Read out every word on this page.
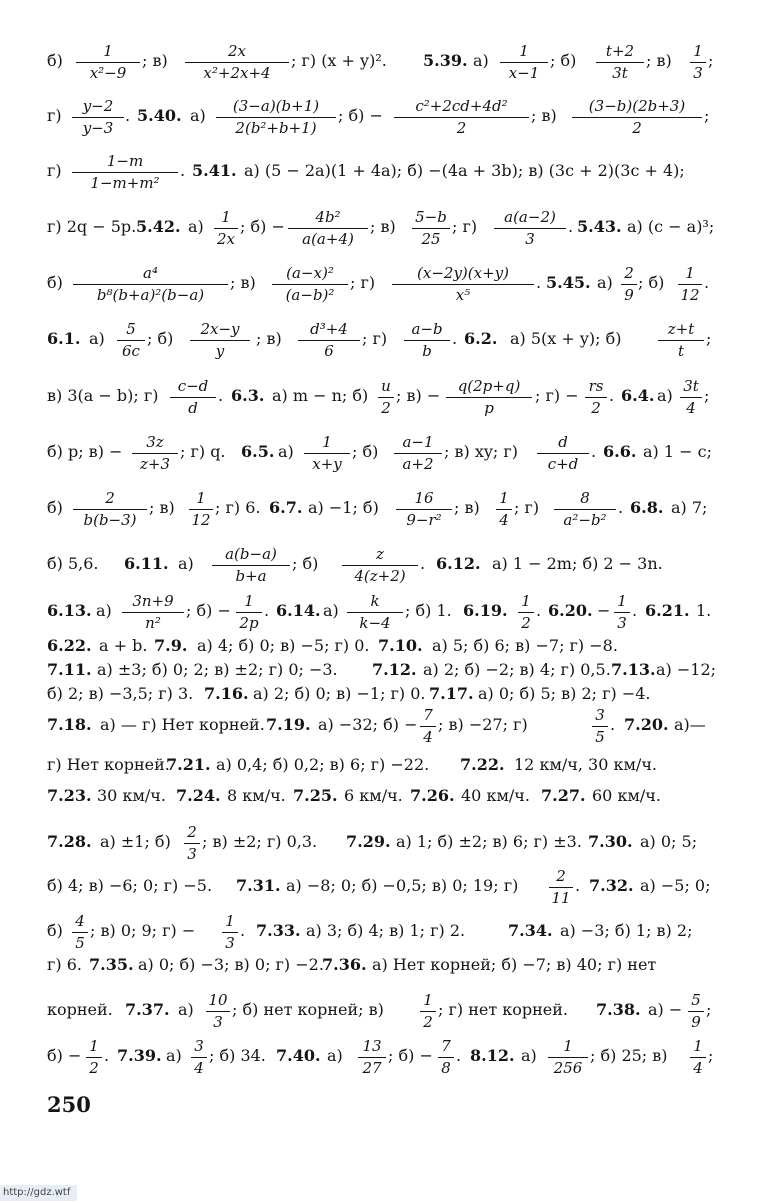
б)	1
x²−9
; в)	2x
x²+2x+4
; г) (x + y)². 5.39. а)	1
x−1
; б)	t+2
3t
; в) 1
3
;
г)	y−2
y−3
. 5.40. а)	(3−a)(b+1)
2(b²+b+1)
; б) −	c²+2cd+4d²
2
; в)	(3−b)(2b+3)
2
;
г)	1−m
1−m+m²
. 5.41. а) (5 − 2a)(1 + 4a); б) −(4a + 3b); в) (3c + 2)(3c + 4);
г) 2q − 5p. 5.42. а)	1
2x
; б) −	4b²
a(a+4)
; в) 5−b
25
; г)	a(a−2)
3
. 5.43. а) (c − a)³;
б)	a⁴
b⁸(b+a)²(b−a)
; в)	(a−x)²
(a−b)²
; г)	(x−2y)(x+y)
x⁵
. 5.45. а) 2
9
; б)	1
12
.
6.1. а)	5
6c
; б)	2x−y
y
; в)	d³+4
6
; г)	a−b
b
. 6.2. а) 5(x + y); б)	z+t
t
;
в) 3(a − b); г)	c−d
d
. 6.3. а) m − n; б) u
2
; в) −	q(2p+q)
p
; г) − rs
2
. 6.4. а) 3t
4
;
б) p; в) −	3z
z+3
; г) q. 6.5. а)	1
x+y
; б)	a−1
a+2
; в) xy; г)	d
c+d
. 6.6. а) 1 − c;
б)	2
b(b−3)
; в)	1
12
; г) 6. 6.7. а) −1; б)	16
9−r²
; в) 1
4
; г)	8
a²−b²
. 6.8. а) 7;
б) 5,6. 6.11. а)	a(b−a)
b+a
; б)	z
4(z+2)
. 6.12. а) 1 − 2m; б) 2 − 3n.
6.13. а)	3n+9
n²
; б) − 1
2p
. 6.14. а)	k
k−4
; б) 1. 6.19. 1
2
. 6.20. − 1
3
. 6.21. 1.
6.22. a + b. 7.9. а) 4; б) 0; в) −5; г) 0. 7.10. а) 5; б) 6; в) −7; г) −8.
7.11. а) ±3; б) 0; 2; в) ±2; г) 0; −3. 7.12. а) 2; б) −2; в) 4; г) 0,5. 7.13. а) −12;
б) 2; в) −3,5; г) 3. 7.16. а) 2; б) 0; в) −1; г) 0. 7.17. а) 0; б) 5; в) 2; г) −4.
7.18. а) — г) Нет корней. 7.19. а) −32; б) − 7
4
; в) −27; г)	3
5
. 7.20. а)—
г) Нет корней.
7.21. а) 0,4; б) 0,2; в) 6; г) −22. 7.22. 12 км/ч, 30 км/ч.
7.23. 30 км/ч. 7.24. 8 км/ч. 7.25. 6 км/ч. 7.26. 40 км/ч. 7.27. 60 км/ч.
7.28. а) ±1; б) 2
3
; в) ±2; г) 0,3. 7.29. а) 1; б) ±2; в) 6; г) ±3. 7.30. а) 0; 5;
б) 4; в) −6; 0; г) −5. 7.31. а) −8; 0; б) −0,5; в) 0; 19; г)	2
11
. 7.32. а) −5; 0;
б) 4
5
; в) 0; 9; г) − 1
3
. 7.33. а) 3; б) 4; в) 1; г) 2.	7.34. а) −3; б) 1; в) 2;
г) 6. 7.35. а) 0; б) −3; в) 0; г) −2.
7.36. а) Нет корней; б) −7; в) 40; г) нет
корней. 7.37. а) 10
3
; б) нет корней; в)	1
2
; г) нет корней. 7.38. а) − 5
9
;
б) − 1
2
. 7.39. а) 3
4
; б) 34. 7.40. а) 13
27
; б) − 7
8
. 8.12. а)	1
256
; б) 25; в) 1
4
;
250
http://gdz.wtf
